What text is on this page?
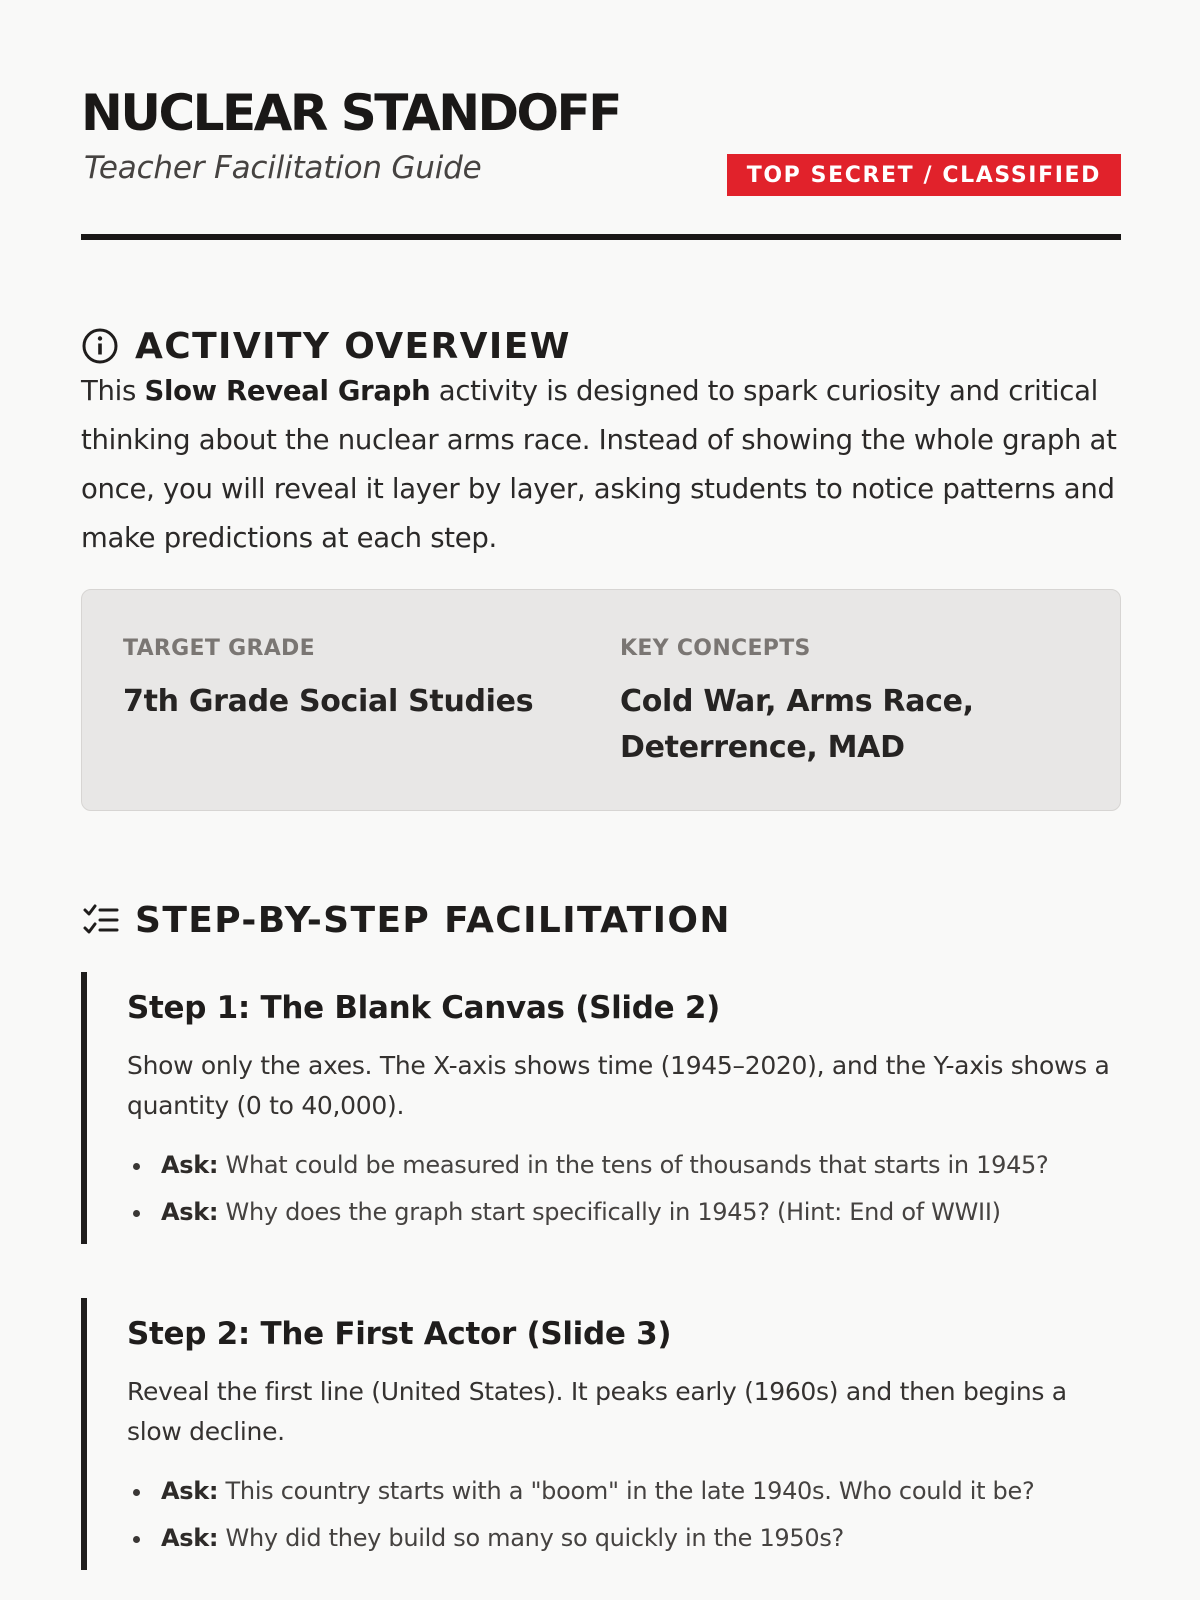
NUCLEAR STANDOFF
Teacher Facilitation Guide	TOP SECRET / CLASSIFIED
ACTIVITY OVERVIEW

This Slow Reveal Graph activity is designed to spark curiosity and critical thinking about the nuclear arms race. Instead of showing the whole graph at once, you will reveal it layer by layer, asking students to notice patterns and make predictions at each step.

TARGET GRADE
7th Grade Social Studies
KEY CONCEPTS
Cold War, Arms Race, Deterrence, MAD
STEP-BY-STEP FACILITATION
Step 1: The Blank Canvas (Slide 2)

Show only the axes. The X-axis shows time (1945–2020), and the Y-axis shows a quantity (0 to 40,000).

Ask: What could be measured in the tens of thousands that starts in 1945?
Ask: Why does the graph start specifically in 1945? (Hint: End of WWII)
Step 2: The First Actor (Slide 3)

Reveal the first line (United States). It peaks early (1960s) and then begins a slow decline.

Ask: This country starts with a "boom" in the late 1940s. Who could it be?
Ask: Why did they build so many so quickly in the 1950s?
